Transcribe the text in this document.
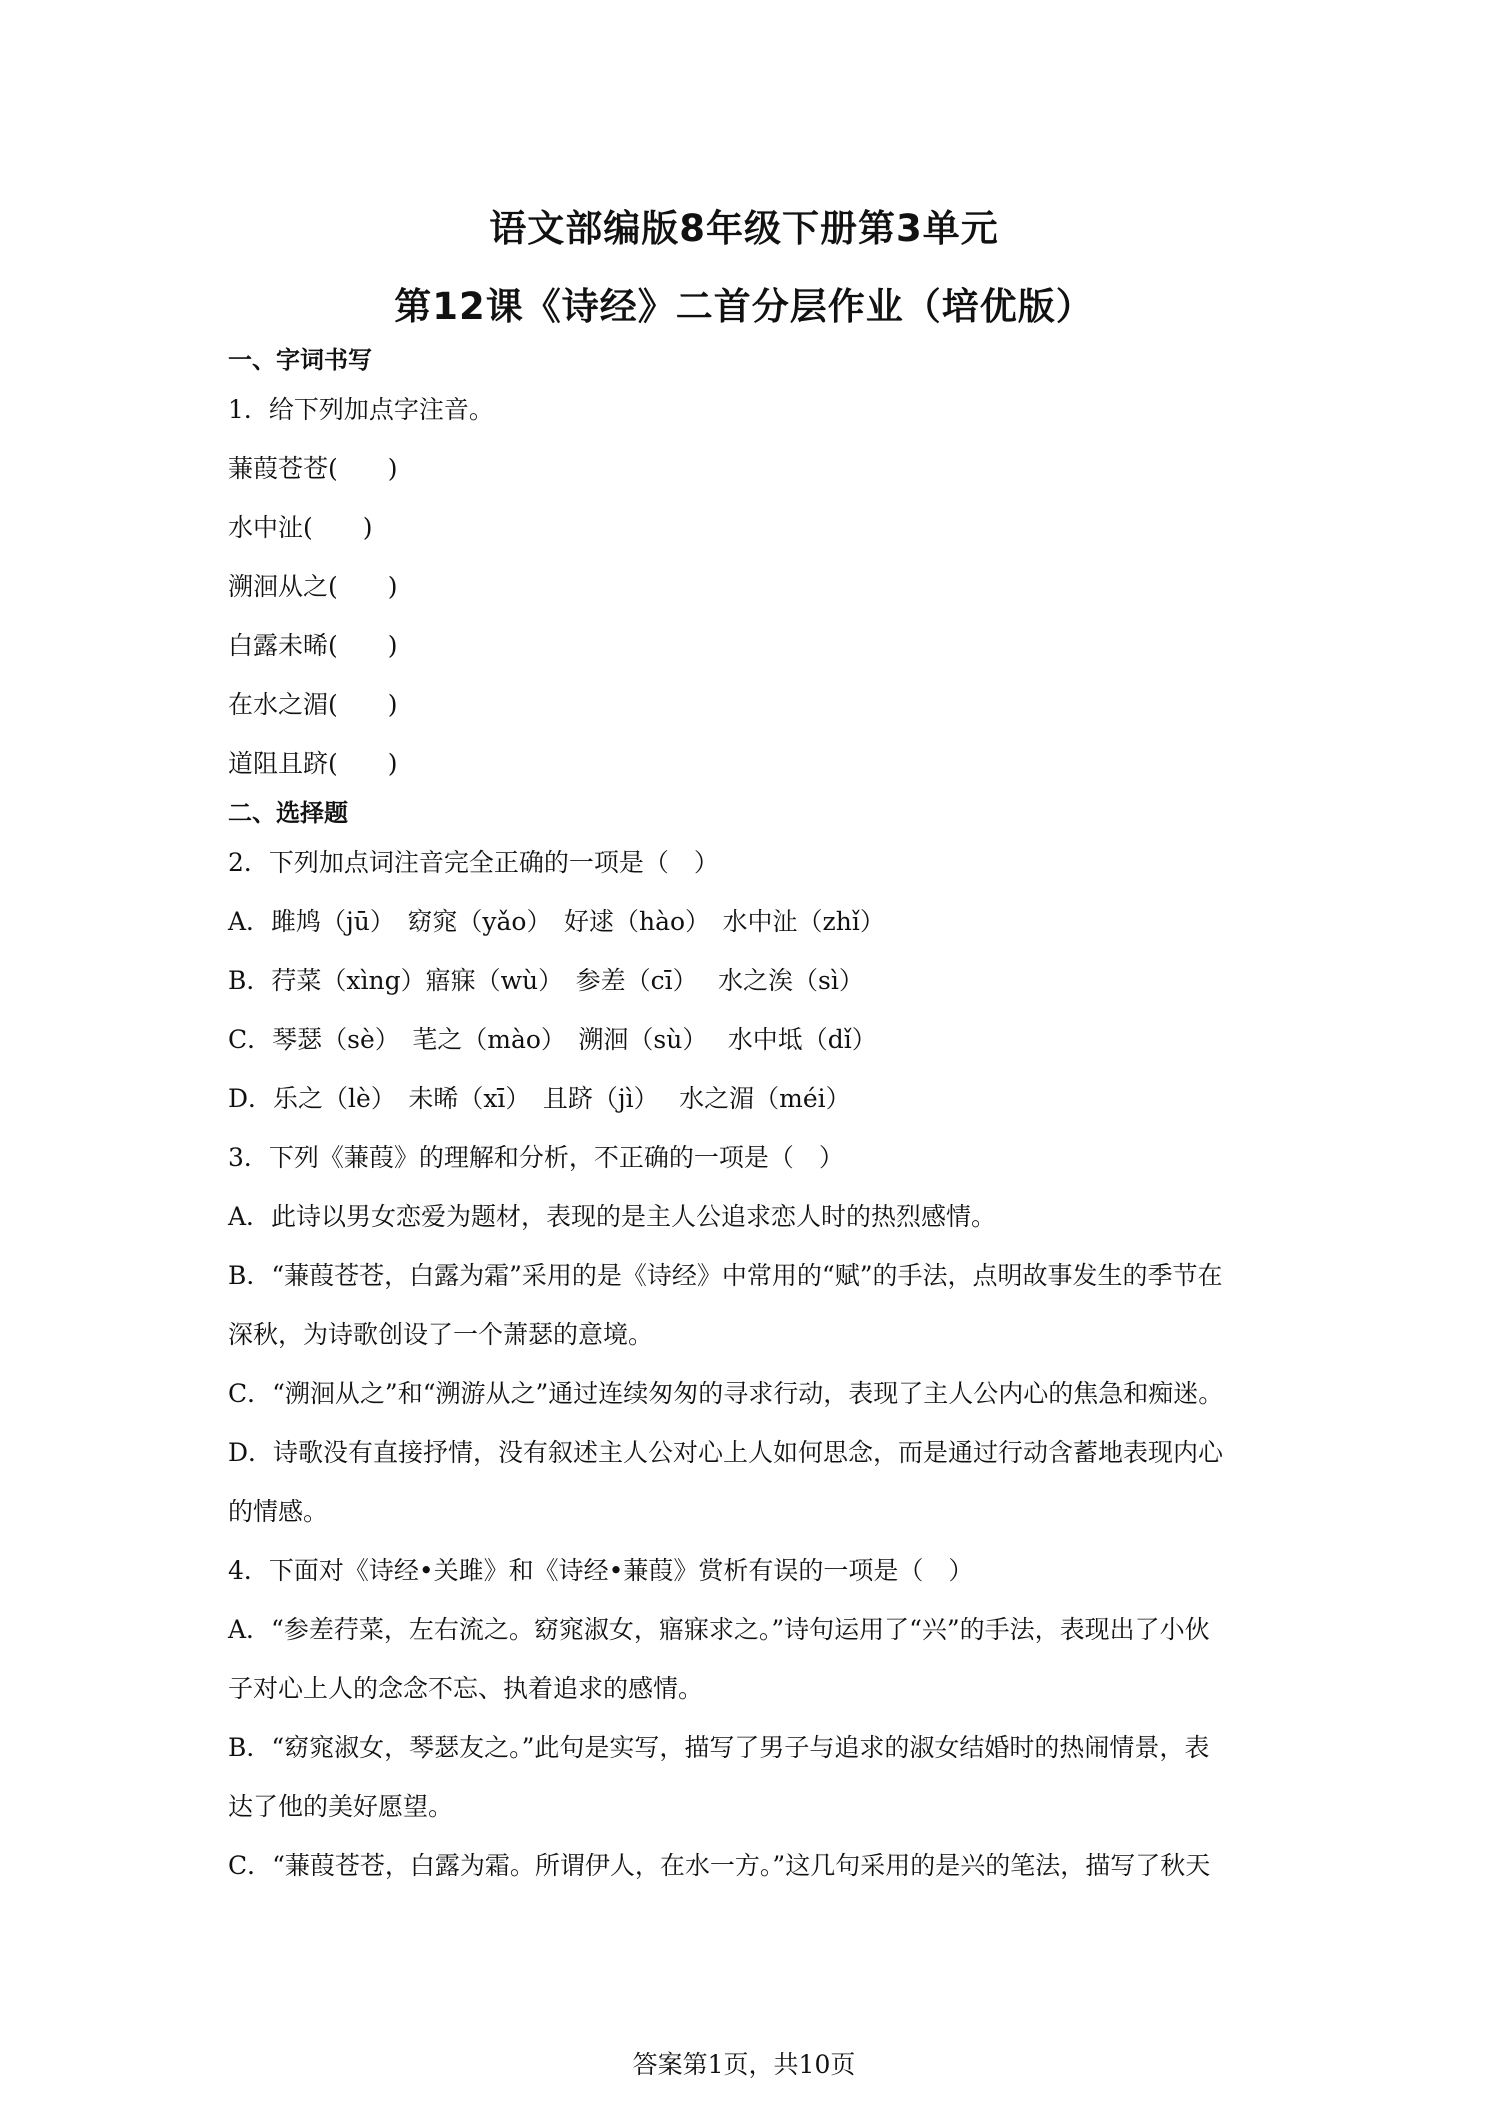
语文部编版8年级下册第3单元
第12课《诗经》二首分层作业（培优版）
一、字词书写
1．给下列加点字注音。
蒹葭苍苍(　　)
水中沚(　　)
溯洄从之(　　)
白露未晞(　　)
在水之湄(　　)
道阻且跻(　　)
二、选择题
2．下列加点词注音完全正确的一项是（　）
A．雎鸠（jū）　窈窕（yǎo）　好逑（hào）　水中沚（zhǐ）
B．荇菜（xìng）寤寐（wù）　参差（cī）　 水之涘（sì）
C．琴瑟（sè）　芼之（mào）　溯洄（sù）　 水中坻（dǐ）
D．乐之（lè）　未晞（xī）　且跻（jì）　 水之湄（méi）
3．下列《蒹葭》的理解和分析，不正确的一项是（　）
A．此诗以男女恋爱为题材，表现的是主人公追求恋人时的热烈感情。
B．“蒹葭苍苍，白露为霜”采用的是《诗经》中常用的“赋”的手法，点明故事发生的季节在
深秋，为诗歌创设了一个萧瑟的意境。
C．“溯洄从之”和“溯游从之”通过连续匆匆的寻求行动，表现了主人公内心的焦急和痴迷。
D．诗歌没有直接抒情，没有叙述主人公对心上人如何思念，而是通过行动含蓄地表现内心
的情感。
4．下面对《诗经•关雎》和《诗经•蒹葭》赏析有误的一项是（　）
A．“参差荇菜，左右流之。窈窕淑女，寤寐求之。”诗句运用了“兴”的手法，表现出了小伙
子对心上人的念念不忘、执着追求的感情。
B．“窈窕淑女，琴瑟友之。”此句是实写，描写了男子与追求的淑女结婚时的热闹情景，表
达了他的美好愿望。
C．“蒹葭苍苍，白露为霜。所谓伊人，在水一方。”这几句采用的是兴的笔法，描写了秋天
答案第1页，共10页
